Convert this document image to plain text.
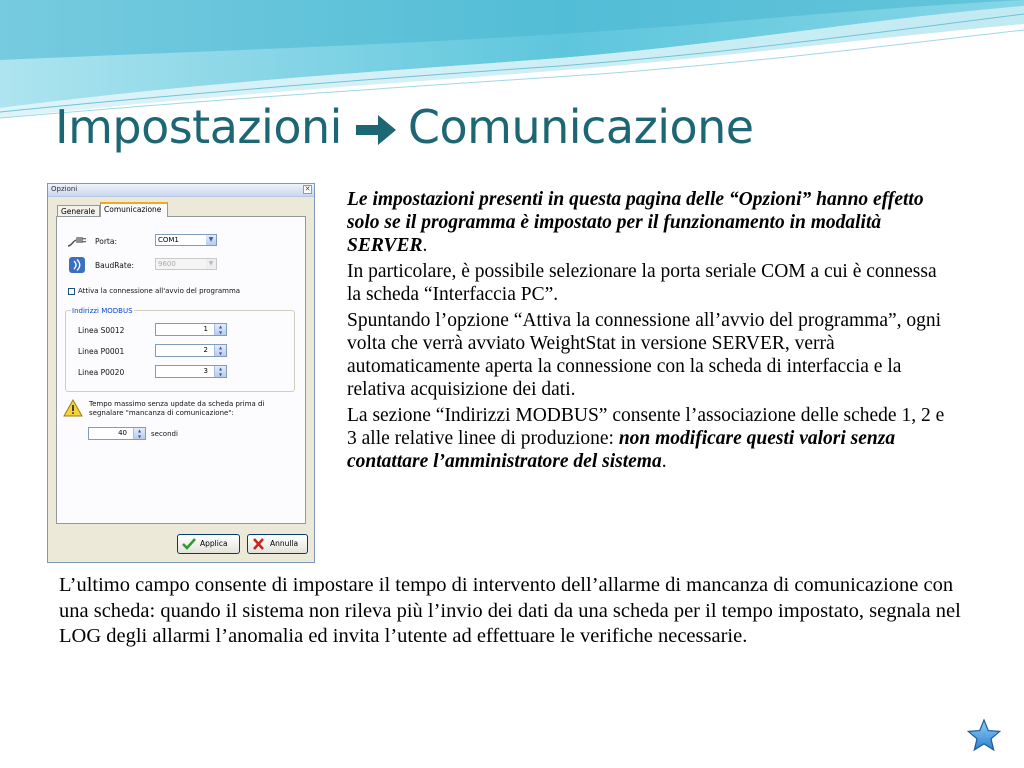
Impostazioni Comunicazione
Opzioni	✕
Generale	Comunicazione
Porta:	COM1	▼
BaudRate:	9600	▼
Attiva la connessione all'avvio del programma
Indirizzi MODBUS
Linea S0012	1	▲
▼
Linea P0001	2	▲
▼
Linea P0020	3	▲
▼
Tempo massimo senza update da scheda prima di segnalare "mancanza di comunicazione":
40	▲
▼	secondi
Applica	Annulla

Le impostazioni presenti in questa pagina delle “Opzioni” hanno effetto solo se il programma è impostato per il funzionamento in modalità SERVER.

In particolare, è possibile selezionare la porta seriale COM a cui è connessa la scheda “Interfaccia PC”.

Spuntando l’opzione “Attiva la connessione all’avvio del programma”, ogni volta che verrà avviato WeightStat in versione SERVER, verrà automaticamente aperta la connessione con la scheda di interfaccia e la relativa acquisizione dei dati.

La sezione “Indirizzi MODBUS” consente l’associazione delle schede 1, 2 e 3 alle relative linee di produzione: non modificare questi valori senza contattare l’amministratore del sistema.

L’ultimo campo consente di impostare il tempo di intervento dell’allarme di mancanza di comunicazione con una scheda: quando il sistema non rileva più l’invio dei dati da una scheda per il tempo impostato, segnala nel LOG degli allarmi l’anomalia ed invita l’utente ad effettuare le verifiche necessarie.
